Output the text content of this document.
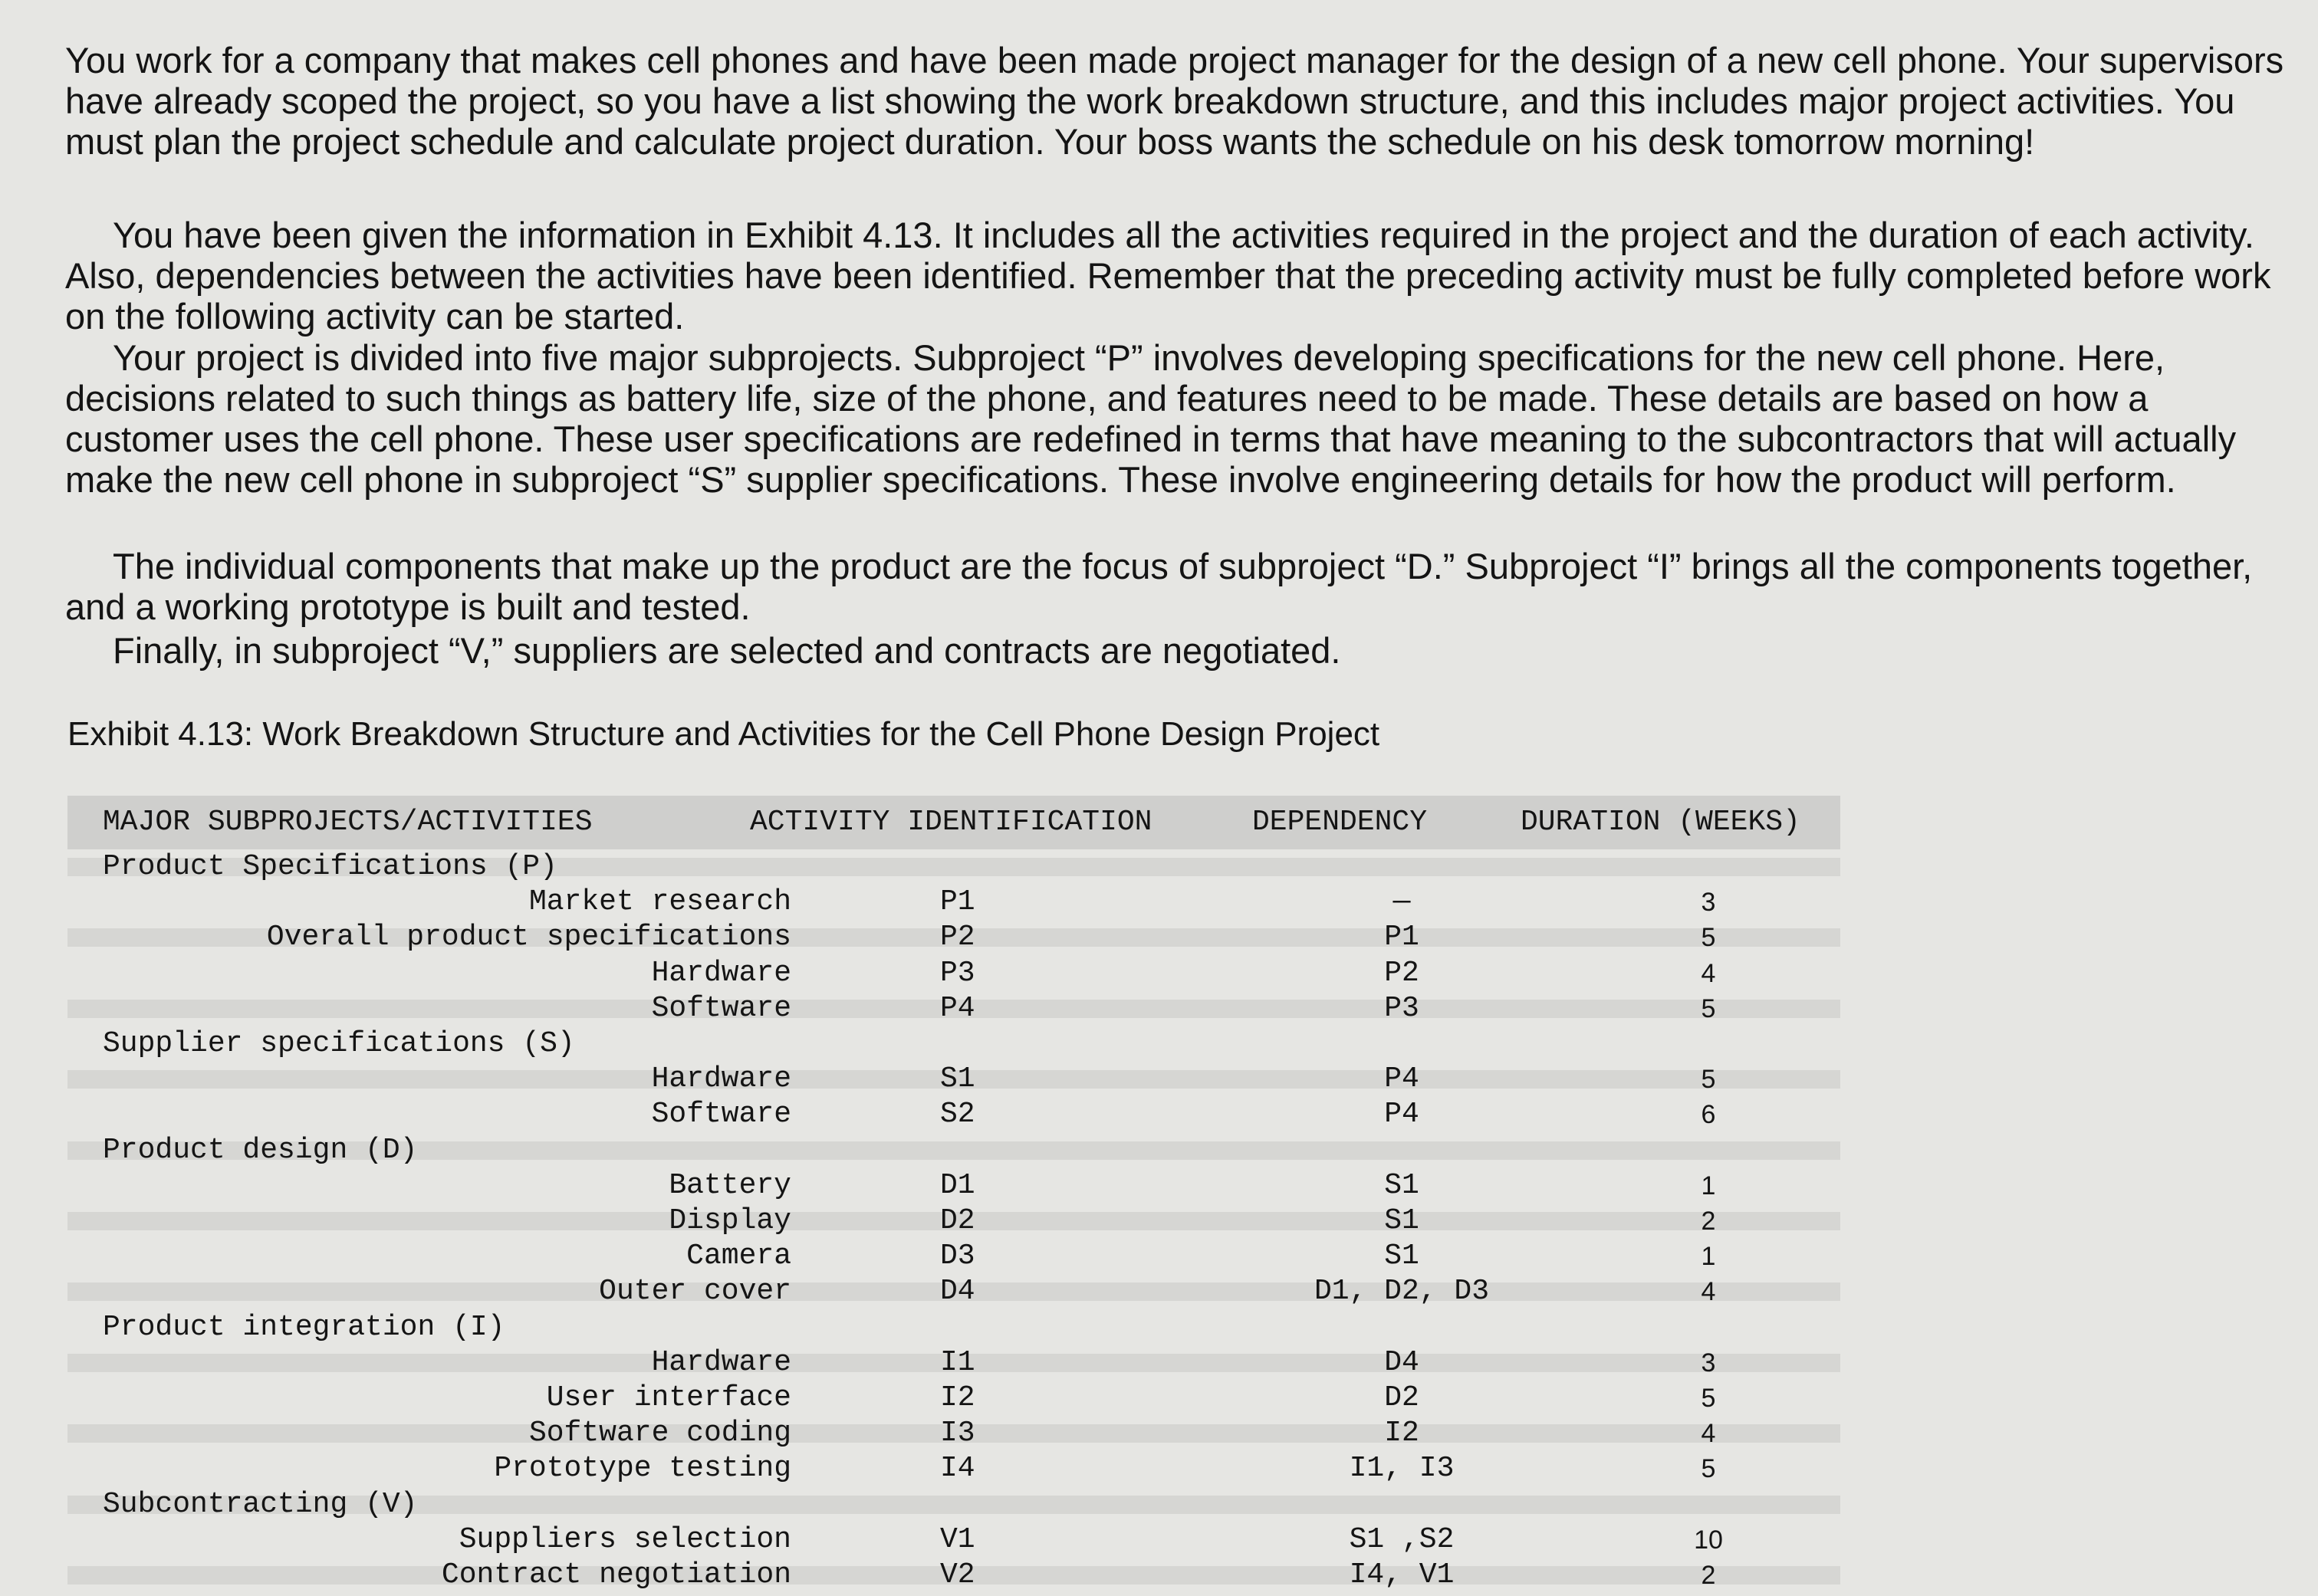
You work for a company that makes cell phones and have been made project manager for the design of a new cell phone. Your supervisors have already scoped the project, so you have a list showing the work breakdown structure, and this includes major project activities. You must plan the project schedule and calculate project duration. Your boss wants the schedule on his desk tomorrow morning!

You have been given the information in Exhibit 4.13. It includes all the activities required in the project and the duration of each activity. Also, dependencies between the activities have been identified. Remember that the preceding activity must be fully completed before work on the following activity can be started.

Your project is divided into five major subprojects. Subproject “P” involves developing specifications for the new cell phone. Here, decisions related to such things as battery life, size of the phone, and features need to be made. These details are based on how a customer uses the cell phone. These user specifications are redefined in terms that have meaning to the subcontractors that will actually make the new cell phone in subproject “S” supplier specifications. These involve engineering details for how the product will perform.

The individual components that make up the product are the focus of subproject “D.” Subproject “I” brings all the components together, and a working prototype is built and tested.

Finally, in subproject “V,” suppliers are selected and contracts are negotiated.

Exhibit 4.13: Work Breakdown Structure and Activities for the Cell Phone Design Project

MAJOR SUBPROJECTS/ACTIVITIES	ACTIVITY IDENTIFICATION	DEPENDENCY	DURATION (WEEKS)
Product Specifications (P)
Market research	P1	—	3
Overall product specifications	P2	P1	5
Hardware	P3	P2	4
Software	P4	P3	5
Supplier specifications (S)
Hardware	S1	P4	5
Software	S2	P4	6
Product design (D)
Battery	D1	S1	1
Display	D2	S1	2
Camera	D3	S1	1
Outer cover	D4	D1, D2, D3	4
Product integration (I)
Hardware	I1	D4	3
User interface	I2	D2	5
Software coding	I3	I2	4
Prototype testing	I4	I1, I3	5
Subcontracting (V)
Suppliers selection	V1	S1 ,S2	10
Contract negotiation	V2	I4, V1	2
